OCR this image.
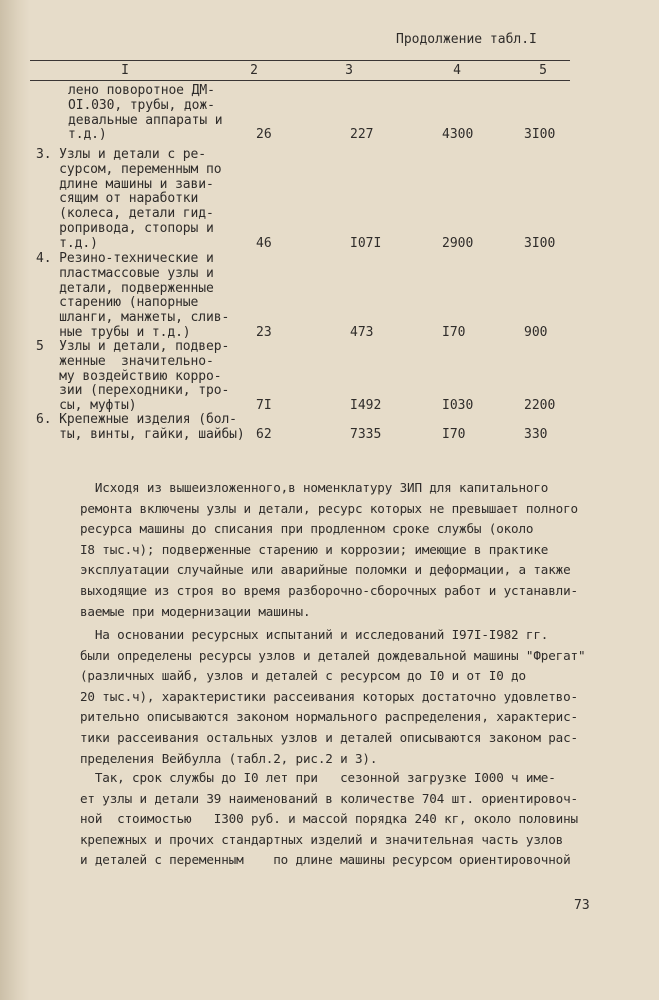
Продолжение табл.I
I	2	3	4	5
лено поворотное ДМ-
OI.030, трубы, дож-
девальные аппараты и
т.д.)	26	227	4300	3I00
3. Узлы и детали с ре-
сурсом, переменным по
длине машины и зави-
сящим от наработки
(колеса, детали гид-
ропривода, стопоры и
т.д.)	46	I07I	2900	3I00
4. Резино-технические и
пластмассовые узлы и
детали, подверженные
старению (напорные
шланги, манжеты, слив-
ные трубы и т.д.)	23	473	I70	900
5  Узлы и детали, подвер-
женные  значительно-
му воздействию корро-
зии (переходники, тро-
сы, муфты)	7I	I492	I030	2200
6. Крепежные изделия (бол-
ты, винты, гайки, шайбы) 62	7335	I70	330
Исходя из вышеизложенного,в номенклатуру ЗИП для капитального
ремонта включены узлы и детали, ресурс которых не превышает полного
ресурса машины до списания при продленном сроке службы (около
I8 тыс.ч); подверженные старению и коррозии; имеющие в практике
эксплуатации случайные или аварийные поломки и деформации, а также
выходящие из строя во время разборочно-сборочных работ и устанавли-
ваемые при модернизации машины.
На основании ресурсных испытаний и исследований I97I-I982 гг.
были определены ресурсы узлов и деталей дождевальной машины "Фрегат"
(различных шайб, узлов и деталей с ресурсом до I0 и от I0 до
20 тыс.ч), характеристики рассеивания которых достаточно удовлетво-
рительно описываются законом нормального распределения, характерис-
тики рассеивания остальных узлов и деталей описываются законом рас-
пределения Вейбулла (табл.2, рис.2 и 3).
Так, срок службы до I0 лет при   сезонной загрузке I000 ч име-
ет узлы и детали 39 наименований в количестве 704 шт. ориентировоч-
ной  стоимостью   I300 руб. и массой порядка 240 кг, около половины
крепежных и прочих стандартных изделий и значительная часть узлов
и деталей с переменным    по длине машины ресурсом ориентировочной
73
